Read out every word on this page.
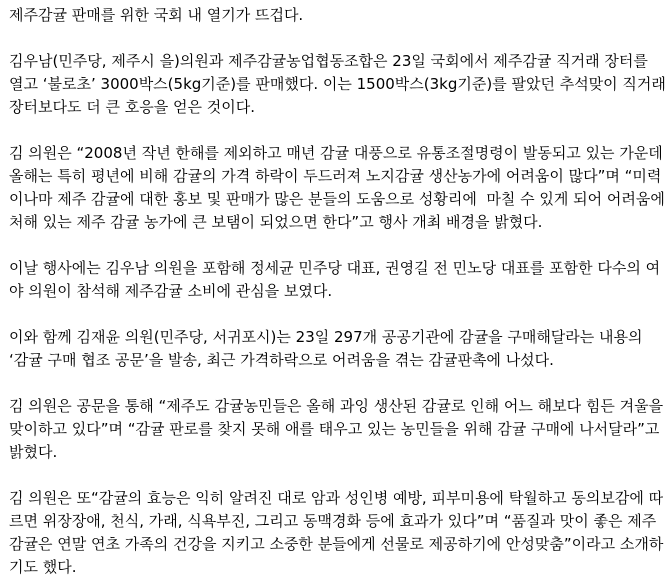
제주감귤 판매를 위한 국회 내 열기가 뜨겁다.

김우남(민주당, 제주시 을)의원과 제주감귤농업협동조합은 23일 국회에서 제주감귤 직거래 장터를 열고 ‘불로초’ 3000박스(5kg기준)를 판매했다. 이는 1500박스(3kg기준)를 팔았던 추석맞이 직거래 장터보다도 더 큰 호응을 얻은 것이다.

김 의원은 “2008년 작년 한해를 제외하고 매년 감귤 대풍으로 유통조절명령이 발동되고 있는 가운데 올해는 특히 평년에 비해 감귤의 가격 하락이 두드러져 노지감귤 생산농가에 어려움이 많다”며 “미력이나마 제주 감귤에 대한 홍보 및 판매가 많은 분들의 도움으로 성황리에  마칠 수 있게 되어 어려움에 처해 있는 제주 감귤 농가에 큰 보탬이 되었으면 한다”고 행사 개최 배경을 밝혔다.

이날 행사에는 김우남 의원을 포함해 정세균 민주당 대표, 권영길 전 민노당 대표를 포함한 다수의 여야 의원이 참석해 제주감귤 소비에 관심을 보였다.

이와 함께 김재윤 의원(민주당, 서귀포시)는 23일 297개 공공기관에 감귤을 구매해달라는 내용의 ‘감귤 구매 협조 공문’을 발송, 최근 가격하락으로 어려움을 겪는 감귤판촉에 나섰다.

김 의원은 공문을 통해 “제주도 감귤농민들은 올해 과잉 생산된 감귤로 인해 어느 해보다 힘든 겨울을 맞이하고 있다”며 “감귤 판로를 찾지 못해 애를 태우고 있는 농민들을 위해 감귤 구매에 나서달라”고 밝혔다.

김 의원은 또“감귤의 효능은 익히 알려진 대로 암과 성인병 예방, 피부미용에 탁월하고 동의보감에 따르면 위장장애, 천식, 가래, 식욕부진, 그리고 동맥경화 등에 효과가 있다”며 “품질과 맛이 좋은 제주 감귤은 연말 연초 가족의 건강을 지키고 소중한 분들에게 선물로 제공하기에 안성맞춤”이라고 소개하기도 했다.
